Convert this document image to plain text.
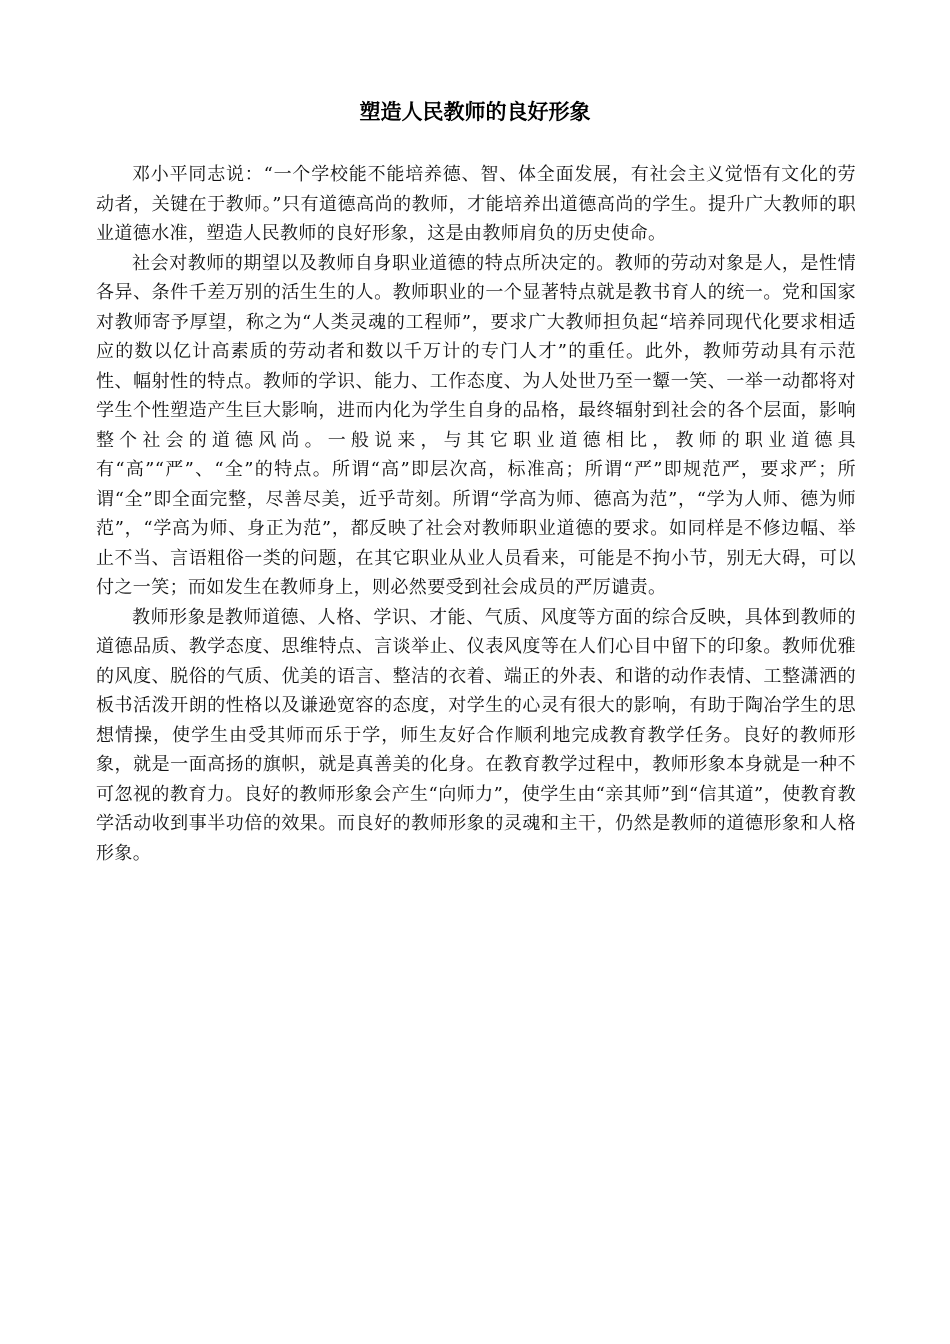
塑造人民教师的良好形象

邓小平同志说：“一个学校能不能培养德、智、体全面发展，有社会主义觉悟有文化的劳动者，关键在于教师。”只有道德高尚的教师，才能培养出道德高尚的学生。提升广大教师的职业道德水准，塑造人民教师的良好形象，这是由教师肩负的历史使命。

社会对教师的期望以及教师自身职业道德的特点所决定的。教师的劳动对象是人，是性情各异、条件千差万别的活生生的人。教师职业的一个显著特点就是教书育人的统一。党和国家对教师寄予厚望，称之为“人类灵魂的工程师”，要求广大教师担负起“培养同现代化要求相适应的数以亿计高素质的劳动者和数以千万计的专门人才”的重任。此外，教师劳动具有示范性、幅射性的特点。教师的学识、能力、工作态度、为人处世乃至一颦一笑、一举一动都将对学生个性塑造产生巨大影响，进而内化为学生自身的品格，最终辐射到社会的各个层面，影响整个社会的道德风尚。一般说来，与其它职业道德相比，教师的职业道德具有“高”“严”、“全”的特点。所谓“高”即层次高，标准高；所谓“严”即规范严，要求严；所谓“全”即全面完整，尽善尽美，近乎苛刻。所谓“学高为师、德高为范”，“学为人师、德为师范”，“学高为师、身正为范”，都反映了社会对教师职业道德的要求。如同样是不修边幅、举止不当、言语粗俗一类的问题，在其它职业从业人员看来，可能是不拘小节，别无大碍，可以付之一笑；而如发生在教师身上，则必然要受到社会成员的严厉谴责。

教师形象是教师道德、人格、学识、才能、气质、风度等方面的综合反映，具体到教师的道德品质、教学态度、思维特点、言谈举止、仪表风度等在人们心目中留下的印象。教师优雅的风度、脱俗的气质、优美的语言、整洁的衣着、端正的外表、和谐的动作表情、工整潇洒的板书活泼开朗的性格以及谦逊宽容的态度，对学生的心灵有很大的影响，有助于陶冶学生的思想情操，使学生由受其师而乐于学，师生友好合作顺利地完成教育教学任务。良好的教师形象，就是一面高扬的旗帜，就是真善美的化身。在教育教学过程中，教师形象本身就是一种不可忽视的教育力。良好的教师形象会产生“向师力”，使学生由“亲其师”到“信其道”，使教育教学活动收到事半功倍的效果。而良好的教师形象的灵魂和主干，仍然是教师的道德形象和人格形象。
